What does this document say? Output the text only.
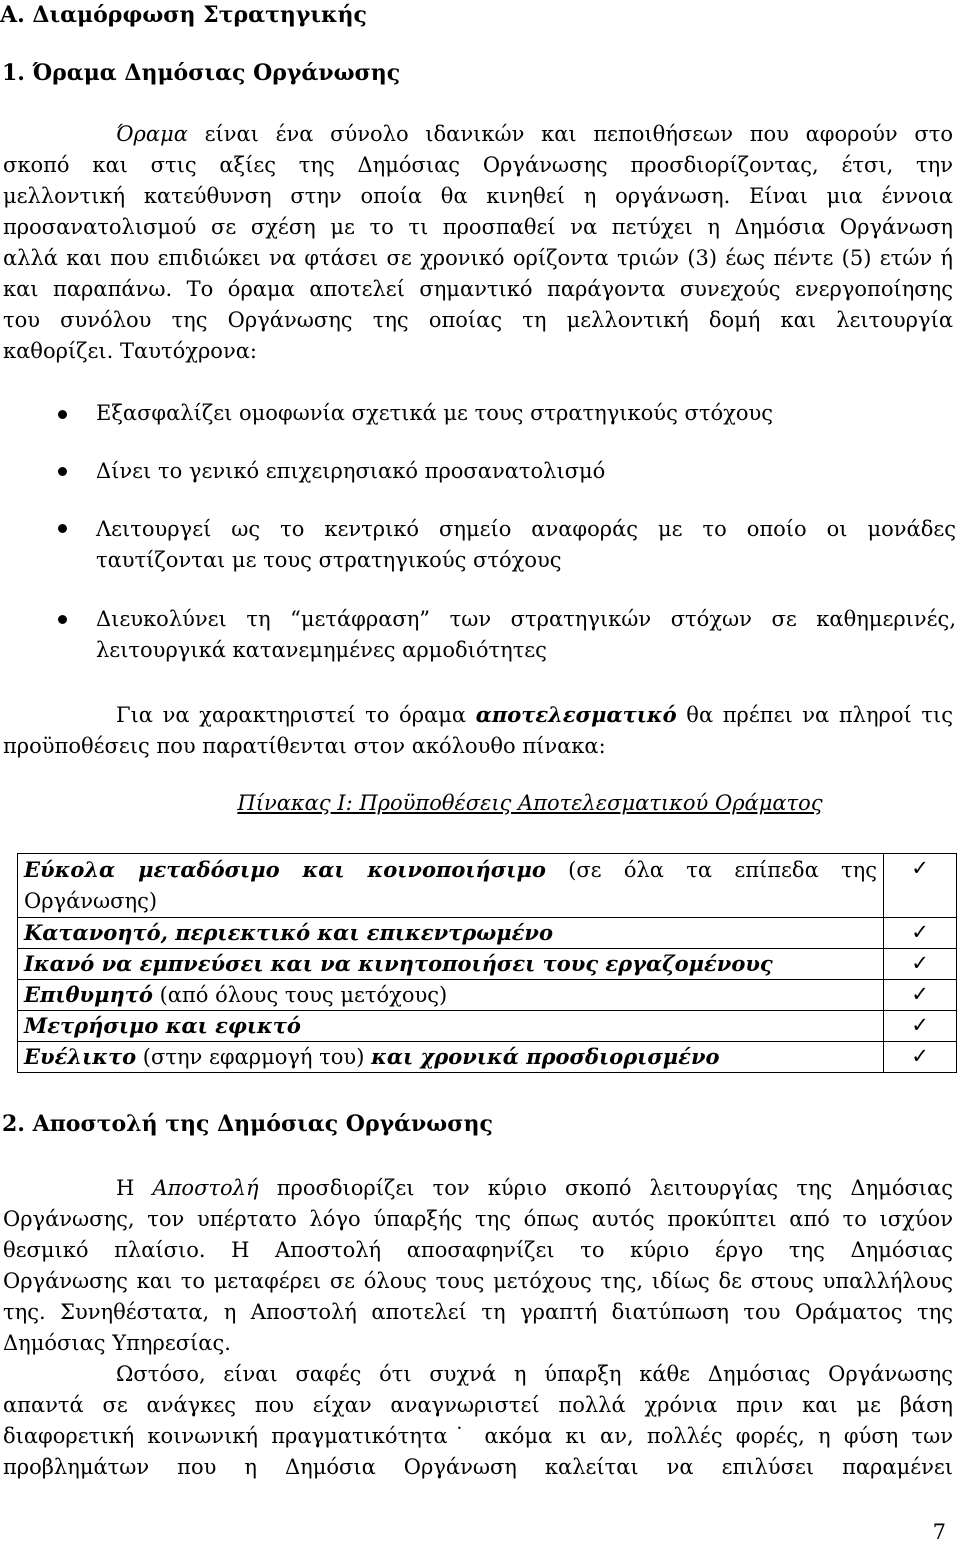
Α. Διαμόρφωση Στρατηγικής
1. Όραμα Δημόσιας Οργάνωσης

Όραμα είναι ένα σύνολο ιδανικών και πεποιθήσεων που αφορούν στο

σκοπό και στις αξίες της Δημόσιας Οργάνωσης προσδιορίζοντας, έτσι, την

μελλοντική κατεύθυνση στην οποία θα κινηθεί η οργάνωση. Είναι μια έννοια

προσανατολισμού σε σχέση με το τι προσπαθεί να πετύχει η Δημόσια Οργάνωση

αλλά και που επιδιώκει να φτάσει σε χρονικό ορίζοντα τριών (3) έως πέντε (5) ετών ή

και παραπάνω. Το όραμα αποτελεί σημαντικό παράγοντα συνεχούς ενεργοποίησης

του συνόλου της Οργάνωσης της οποίας τη μελλοντική δομή και λειτουργία

καθορίζει. Ταυτόχρονα:

Εξασφαλίζει ομοφωνία σχετικά με τους στρατηγικούς στόχους

Δίνει το γενικό επιχειρησιακό προσανατολισμό

Λειτουργεί ως το κεντρικό σημείο αναφοράς με το οποίο οι μονάδες

ταυτίζονται με τους στρατηγικούς στόχους

Διευκολύνει τη “μετάφραση” των στρατηγικών στόχων σε καθημερινές,

λειτουργικά κατανεμημένες αρμοδιότητες

Για να χαρακτηριστεί το όραμα αποτελεσματικό θα πρέπει να πληροί τις

προϋποθέσεις που παρατίθενται στον ακόλουθο πίνακα:

Πίνακας Ι: Προϋποθέσεις Αποτελεσματικού Οράματος
Εύκολα μεταδόσιμο και κοινοποιήσιμο (σε όλα τα επίπεδα της Οργάνωσης)	✓
Κατανοητό, περιεκτικό και επικεντρωμένο	✓
Ικανό να εμπνεύσει και να κινητοποιήσει τους εργαζομένους	✓
Επιθυμητό (από όλους τους μετόχους)	✓
Μετρήσιμο και εφικτό	✓
Ευέλικτο (στην εφαρμογή του) και χρονικά προσδιορισμένο	✓
2. Αποστολή της Δημόσιας Οργάνωσης

Η Αποστολή προσδιορίζει τον κύριο σκοπό λειτουργίας της Δημόσιας

Οργάνωσης, τον υπέρτατο λόγο ύπαρξής της όπως αυτός προκύπτει από το ισχύον

θεσμικό πλαίσιο. Η Αποστολή αποσαφηνίζει το κύριο έργο της Δημόσιας

Οργάνωσης και το μεταφέρει σε όλους τους μετόχους της, ιδίως δε στους υπαλλήλους

της. Συνηθέστατα, η Αποστολή αποτελεί τη γραπτή διατύπωση του Οράματος της

Δημόσιας Υπηρεσίας.

Ωστόσο, είναι σαφές ότι συχνά η ύπαρξη κάθε Δημόσιας Οργάνωσης

απαντά σε ανάγκες που είχαν αναγνωριστεί πολλά χρόνια πριν και με βάση

διαφορετική κοινωνική πραγματικότητα˙ ακόμα κι αν, πολλές φορές, η φύση των

προβλημάτων που η Δημόσια Οργάνωση καλείται να επιλύσει παραμένει

7
